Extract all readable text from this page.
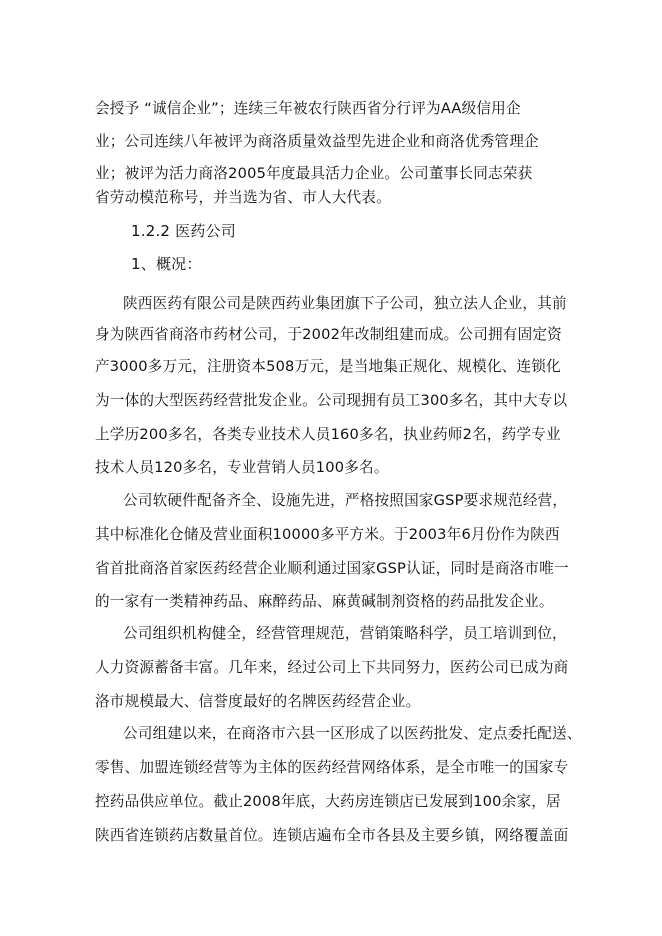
会授予 “诚信企业”；连续三年被农行陕西省分行评为AA级信用企
业；公司连续八年被评为商洛质量效益型先进企业和商洛优秀管理企
业；被评为活力商洛2005年度最具活力企业。公司董事长同志荣获
省劳动模范称号，并当选为省、市人大代表。
1.2.2 医药公司
1、概况：
陕西医药有限公司是陕西药业集团旗下子公司，独立法人企业，其前
身为陕西省商洛市药材公司，于2002年改制组建而成。公司拥有固定资
产3000多万元，注册资本508万元，是当地集正规化、规模化、连锁化
为一体的大型医药经营批发企业。公司现拥有员工300多名，其中大专以
上学历200多名，各类专业技术人员160多名，执业药师2名，药学专业
技术人员120多名，专业营销人员100多名。
公司软硬件配备齐全、设施先进，严格按照国家GSP要求规范经营，
其中标准化仓储及营业面积10000多平方米。于2003年6月份作为陕西
省首批商洛首家医药经营企业顺利通过国家GSP认证，同时是商洛市唯一
的一家有一类精神药品、麻醉药品、麻黄碱制剂资格的药品批发企业。
公司组织机构健全，经营管理规范，营销策略科学，员工培训到位，
人力资源蓄备丰富。几年来，经过公司上下共同努力，医药公司已成为商
洛市规模最大、信誉度最好的名牌医药经营企业。
公司组建以来，在商洛市六县一区形成了以医药批发、定点委托配送、
零售、加盟连锁经营等为主体的医药经营网络体系，是全市唯一的国家专
控药品供应单位。截止2008年底，大药房连锁店已发展到100余家，居
陕西省连锁药店数量首位。连锁店遍布全市各县及主要乡镇，网络覆盖面
